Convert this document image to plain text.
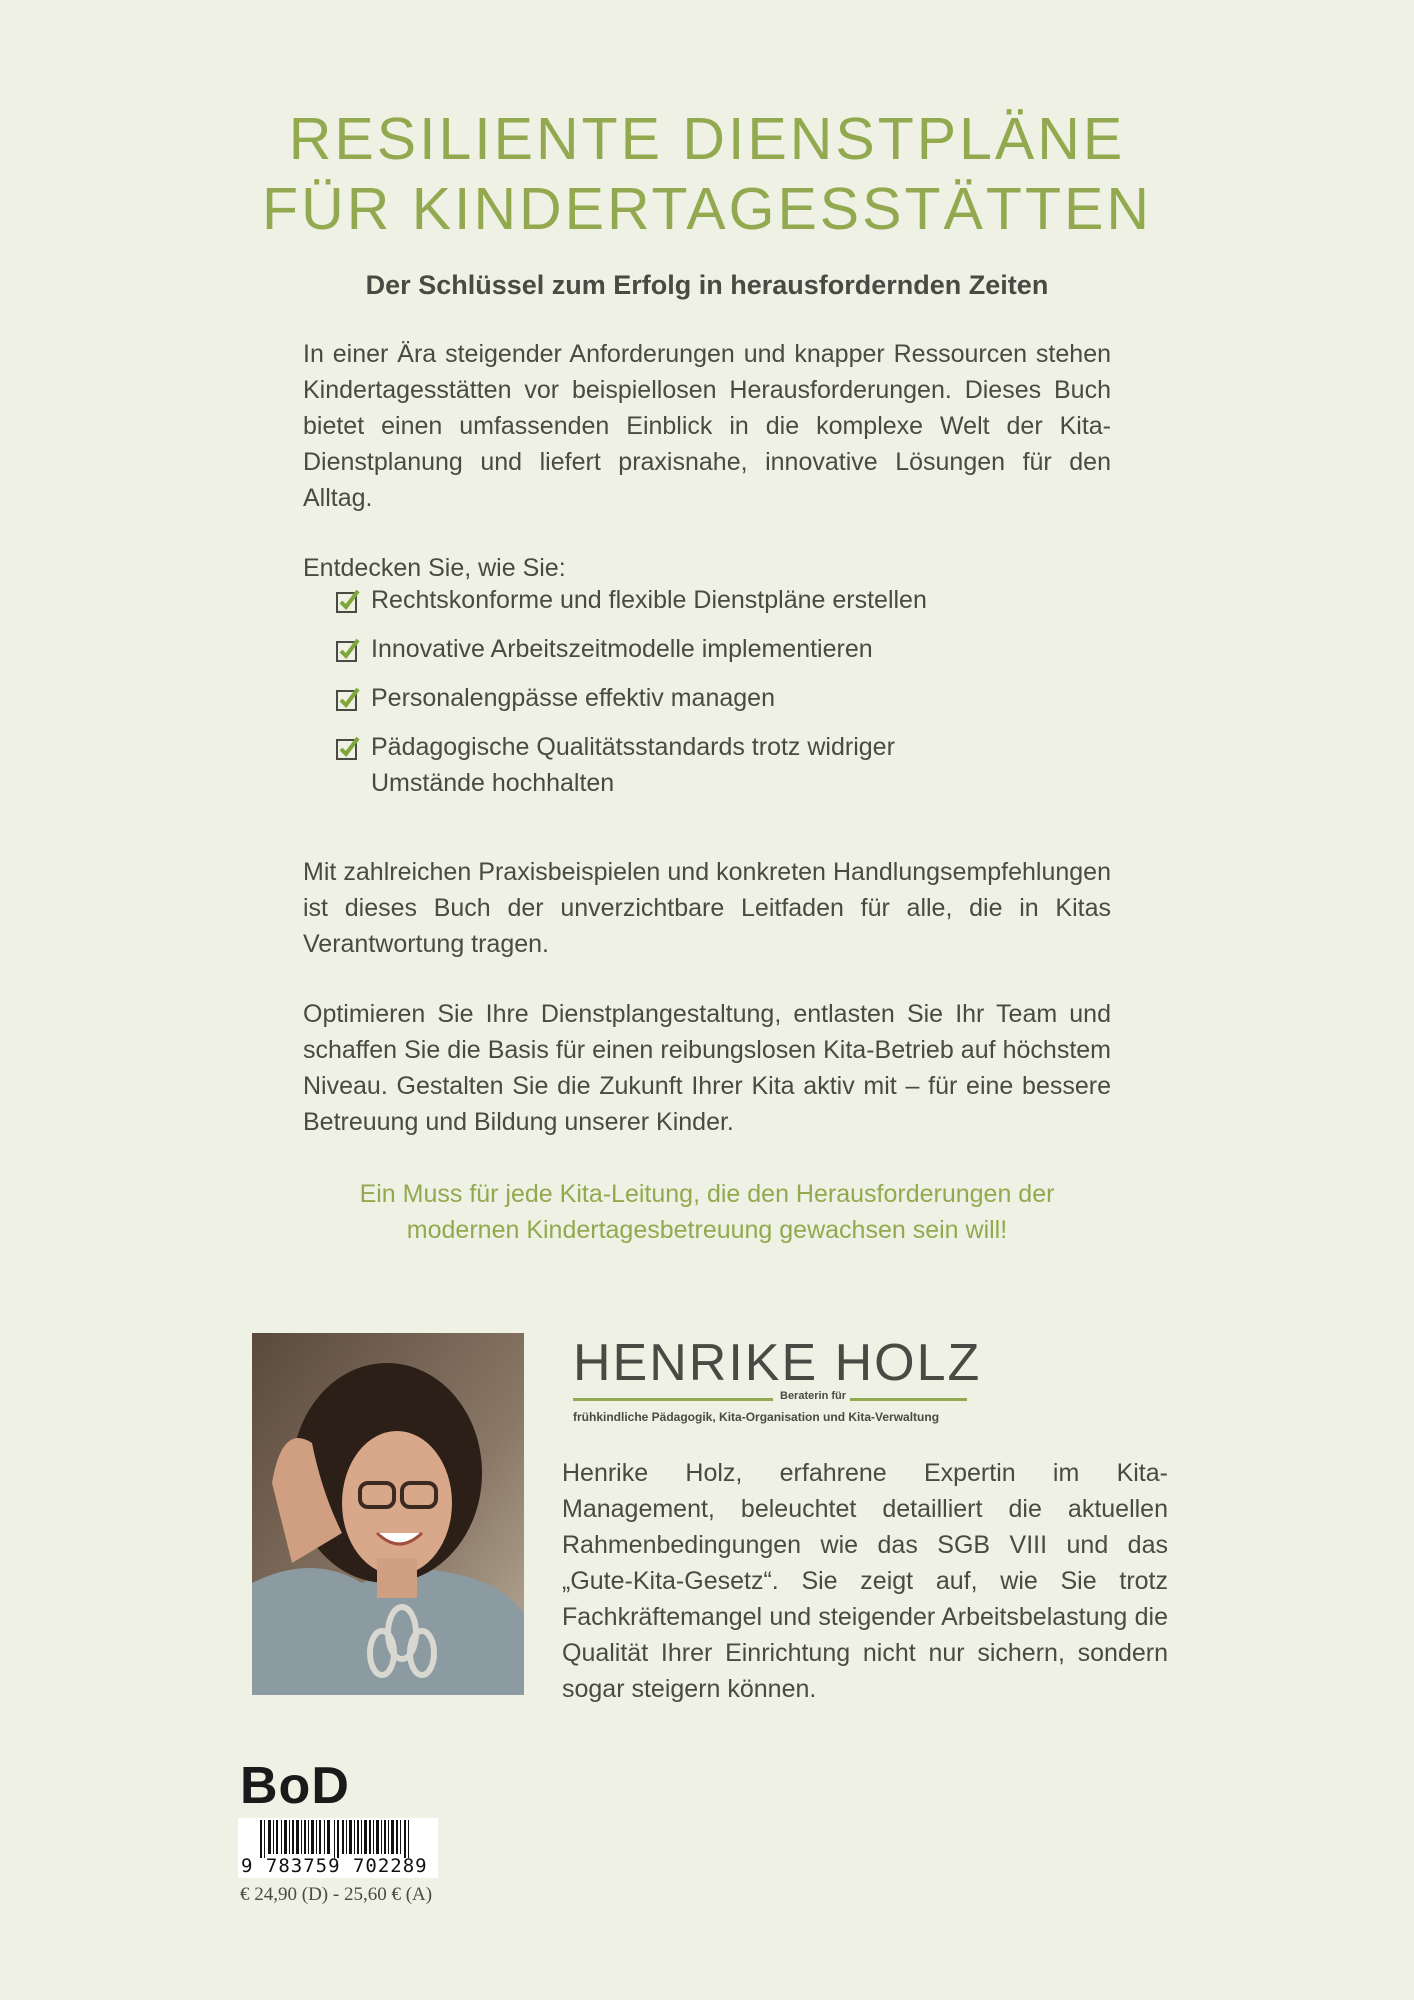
RESILIENTE DIENSTPLÄNE
FÜR KINDERTAGESSTÄTTEN
Der Schlüssel zum Erfolg in herausfordernden Zeiten

In einer Ära steigender Anforderungen und knapper Ressourcen stehen Kindertagesstätten vor beispiellosen Herausforderungen. Dieses Buch bietet einen umfassenden Einblick in die komplexe Welt der Kita-Dienstplanung und liefert praxisnahe, innovative Lösungen für den Alltag.

Entdecken Sie, wie Sie:

Rechtskonforme und flexible Dienstpläne erstellen
Innovative Arbeitszeitmodelle implementieren
Personalengpässe effektiv managen
Pädagogische Qualitätsstandards trotz widriger Umstände hochhalten

Mit zahlreichen Praxisbeispielen und konkreten Handlungsempfehlungen ist dieses Buch der unverzichtbare Leitfaden für alle, die in Kitas Verantwortung tragen.

Optimieren Sie Ihre Dienstplangestaltung, entlasten Sie Ihr Team und schaffen Sie die Basis für einen reibungslosen Kita-Betrieb auf höchstem Niveau. Gestalten Sie die Zukunft Ihrer Kita aktiv mit – für eine bessere Betreuung und Bildung unserer Kinder.

Ein Muss für jede Kita-Leitung, die den Herausforderungen der modernen Kindertagesbetreuung gewachsen sein will!

HENRIKE HOLZ
Beraterin für
frühkindliche Pädagogik, Kita-Organisation und Kita-Verwaltung

Henrike Holz, erfahrene Expertin im Kita-Management, beleuchtet detailliert die aktuellen Rahmenbedingungen wie das SGB VIII und das „Gute-Kita-Gesetz“. Sie zeigt auf, wie Sie trotz Fachkräftemangel und steigender Arbeitsbelastung die Qualität Ihrer Einrichtung nicht nur sichern, sondern sogar steigern können.

BoD
9 783759 702289
€ 24,90 (D) - 25,60 € (A)
